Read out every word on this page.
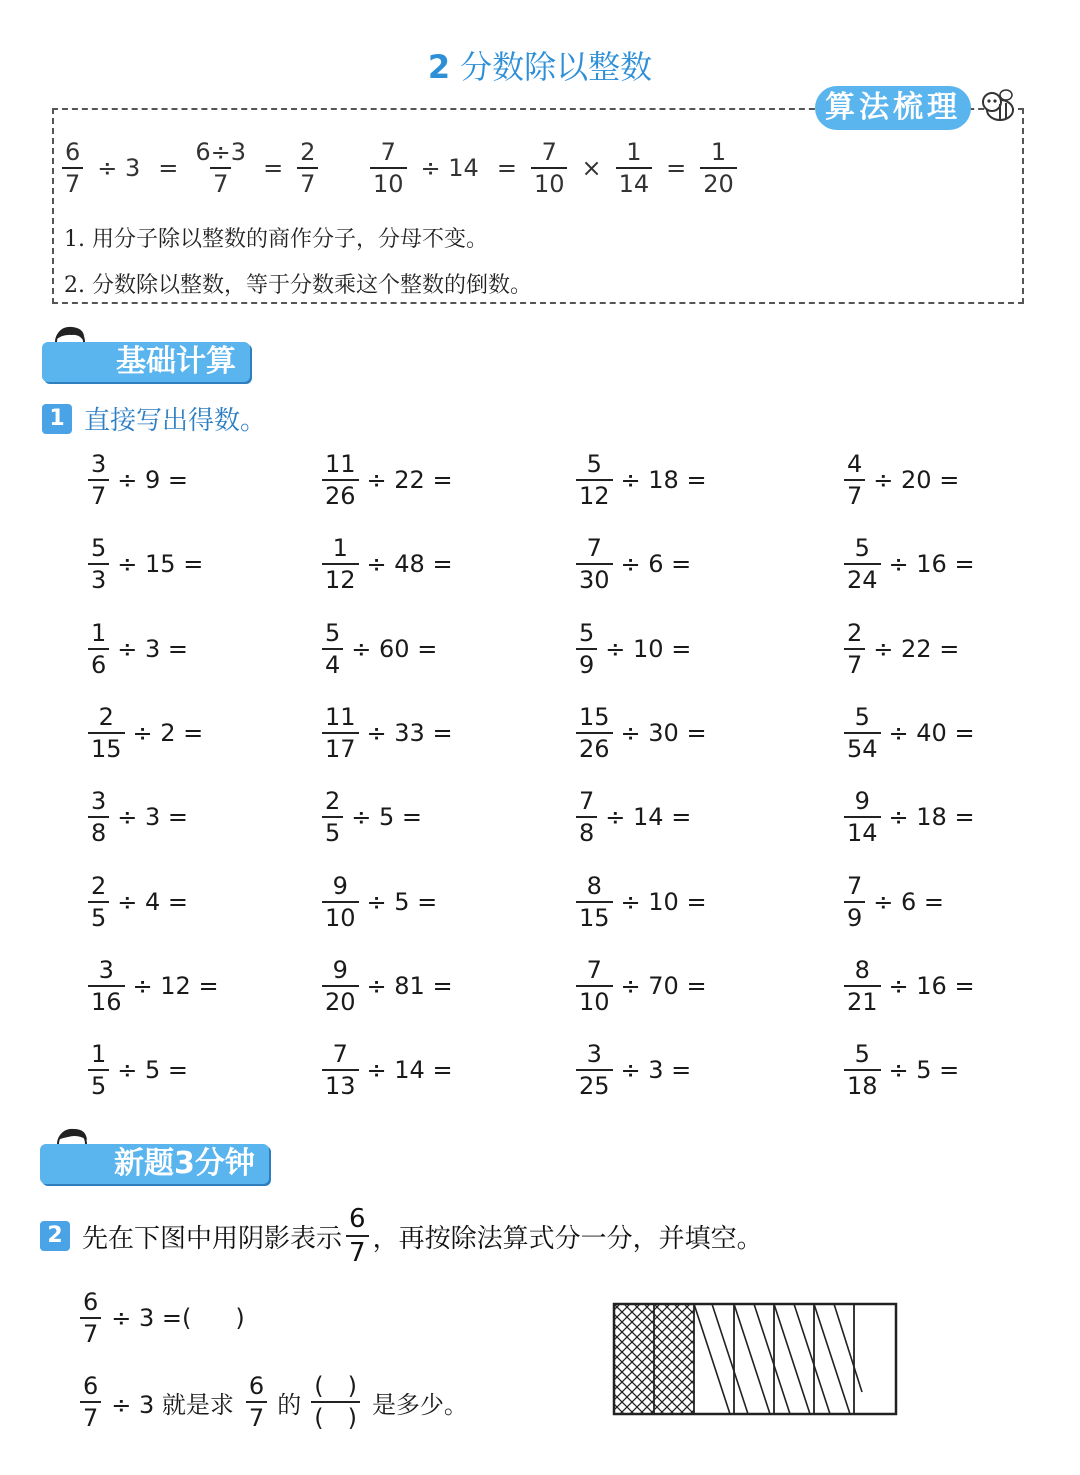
2 分数除以整数
算法梳理
$\frac{6}{7} \div 3 = \frac{6\div 3}{7} = \frac{2}{7} \frac{7}{10} \div 14 = \frac{7}{10} \times \frac{1}{14} = \frac{1}{20}$
1. 用分子除以整数的商作分子，分母不变。
2. 分数除以整数，等于分数乘这个整数的倒数。
基础计算
1 直接写出得数。
$\frac{3}{7} \div 9$ =	$\frac{11}{26} \div 22$ =	$\frac{5}{12} \div 18$ =	$\frac{4}{7} \div 20$ =
$\frac{5}{3} \div 15$ =	$\frac{1}{12} \div 48$ =	$\frac{7}{30} \div 6$ =	$\frac{5}{24} \div 16$ =
$\frac{1}{6} \div 3$ =	$\frac{5}{4} \div 60$ =	$\frac{5}{9} \div 10$ =	$\frac{2}{7} \div 22$ =
$\frac{2}{15} \div 2$ =	$\frac{11}{17} \div 33$ =	$\frac{15}{26} \div 30$ =	$\frac{5}{54} \div 40$ =
$\frac{3}{8} \div 3$ =	$\frac{2}{5} \div 5$ =	$\frac{7}{8} \div 14$ =	$\frac{9}{14} \div 18$ =
$\frac{2}{5} \div 4$ =	$\frac{9}{10} \div 5$ =	$\frac{8}{15} \div 10$ =	$\frac{7}{9} \div 6$ =
$\frac{3}{16} \div 12$ =	$\frac{9}{20} \div 81$ =	$\frac{7}{10} \div 70$ =	$\frac{8}{21} \div 16$ =
$\frac{1}{5} \div 5$ =	$\frac{7}{13} \div 14$ =	$\frac{3}{25} \div 3$ =	$\frac{5}{18} \div 5$ =
新题3分钟
2 先在下图中用阴影表示 $\frac{6}{7}$ ，再按除法算式分一分，并填空。
$\frac{6}{7} \div 3$ =( )
$\frac{6}{7} \div 3$ 就是求 $\frac{6}{7}$ 的 $\frac{( )}{( )}$ 是多少。
